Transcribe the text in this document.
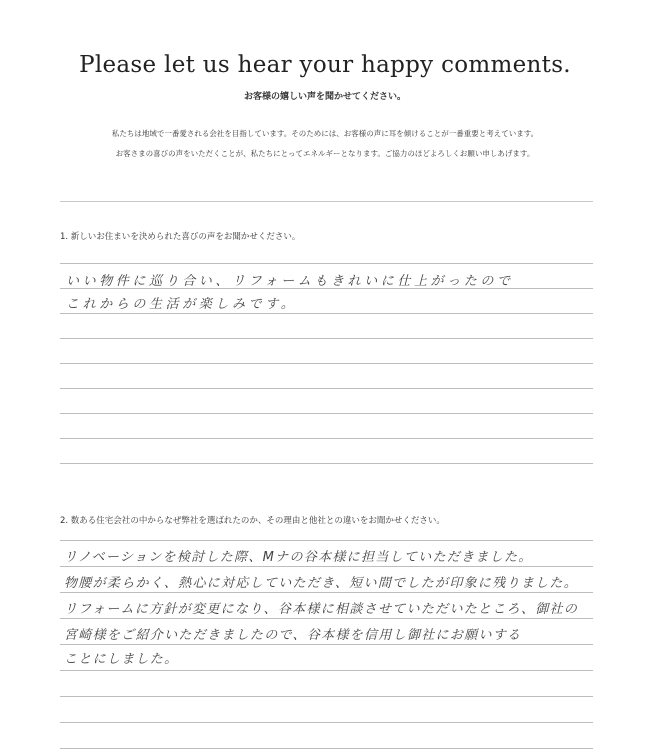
Please let us hear your happy comments.
お客様の嬉しい声を聞かせてください。
私たちは地域で一番愛される会社を目指しています。そのためには、お客様の声に耳を傾けることが一番重要と考えています。
お客さまの喜びの声をいただくことが、私たちにとってエネルギーとなります。ご協力のほどよろしくお願い申しあげます。
1. 新しいお住まいを決められた喜びの声をお聞かせください。
いい物件に巡り合い、リフォームもきれいに仕上がったので
これからの生活が楽しみです。
2. 数ある住宅会社の中からなぜ弊社を選ばれたのか、その理由と他社との違いをお聞かせください。
リノベーションを検討した際、Mナの谷本様に担当していただきました。
物腰が柔らかく、熱心に対応していただき、短い間でしたが印象に残りました。
リフォームに方針が変更になり、谷本様に相談させていただいたところ、御社の
宮崎様をご紹介いただきましたので、谷本様を信用し御社にお願いする
ことにしました。
